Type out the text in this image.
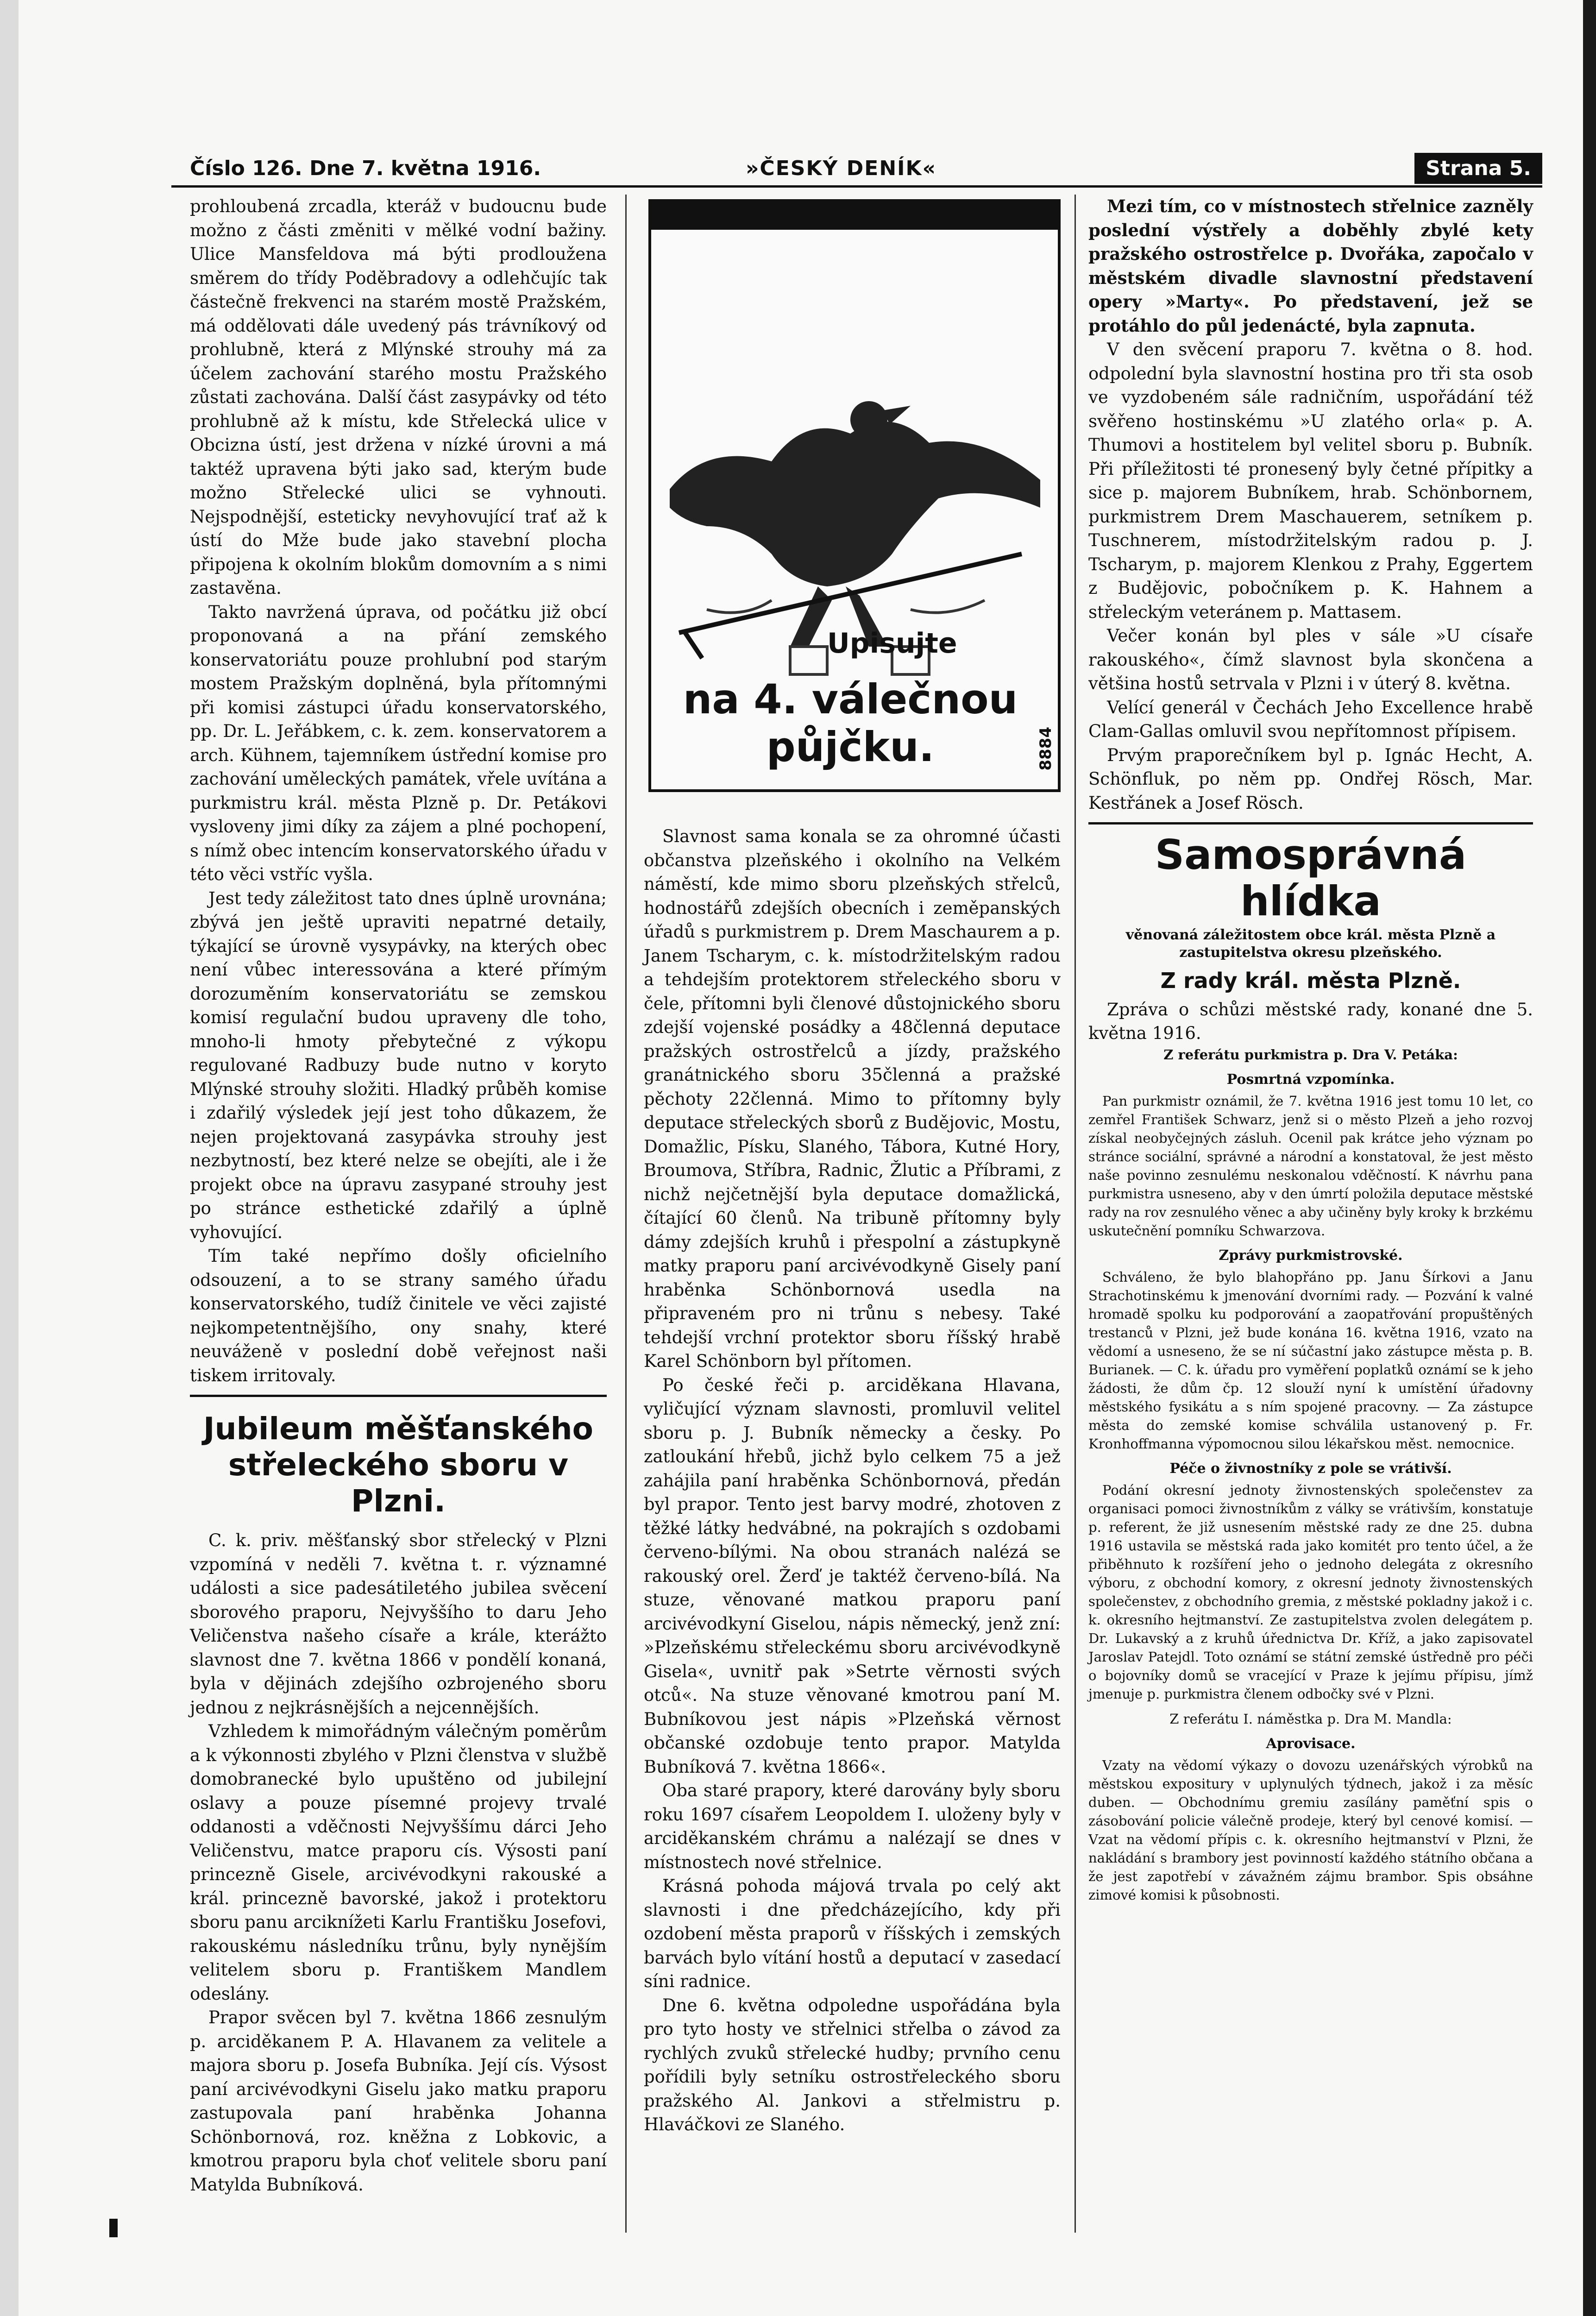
Číslo 126. Dne 7. května 1916.	»ČESKÝ DENÍK«	Strana 5.

prohloubená zrcadla, kteráž v budoucnu bude možno z části změniti v mělké vodní bažiny. Ulice Mansfeldova má býti prodloužena směrem do třídy Poděbradovy a odlehčujíc tak částečně frekvenci na starém mostě Pražském, má oddělovati dále uvedený pás trávníkový od prohlubně, která z Mlýnské strouhy má za účelem zachování starého mostu Pražského zůstati zachována. Další část zasypávky od této prohlubně až k místu, kde Střelecká ulice v Obcizna ústí, jest držena v nízké úrovni a má taktéž upravena býti jako sad, kterým bude možno Střelecké ulici se vyhnouti. Nejspodnější, esteticky nevyhovující trať až k ústí do Mže bude jako stavební plocha připojena k okolním blokům domovním a s nimi zastavěna.

Takto navržená úprava, od počátku již obcí proponovaná a na přání zemského konservatoriátu pouze prohlubní pod starým mostem Pražským doplněná, byla přítomnými při komisi zástupci úřadu konservatorského, pp. Dr. L. Jeřábkem, c. k. zem. konservatorem a arch. Kühnem, tajemníkem ústřední komise pro zachování uměleckých památek, vřele uvítána a purkmistru král. města Plzně p. Dr. Petákovi vysloveny jimi díky za zájem a plné pochopení, s nímž obec intencím konservatorského úřadu v této věci vstříc vyšla.

Jest tedy záležitost tato dnes úplně urovnána; zbývá jen ještě upraviti nepatrné detaily, týkající se úrovně vysypávky, na kterých obec není vůbec interessována a které přímým dorozuměním konservatoriátu se zemskou komisí regulační budou upraveny dle toho, mnoho-li hmoty přebytečné z výkopu regulované Radbuzy bude nutno v koryto Mlýnské strouhy složiti. Hladký průběh komise i zdařilý výsledek její jest toho důkazem, že nejen projektovaná zasypávka strouhy jest nezbytností, bez které nelze se obejíti, ale i že projekt obce na úpravu zasypané strouhy jest po stránce esthetické zdařilý a úplně vyhovující.

Tím také nepřímo došly oficielního odsouzení, a to se strany samého úřadu konservatorského, tudíž činitele ve věci zajisté nejkompetentnějšího, ony snahy, které neuváženě v poslední době veřejnost naši tiskem irritovaly.

Jubileum měšťanského střeleckého sboru v Plzni.

C. k. priv. měšťanský sbor střelecký v Plzni vzpomíná v neděli 7. května t. r. významné události a sice padesátiletého jubilea svěcení sborového praporu, Nejvyššího to daru Jeho Veličenstva našeho císaře a krále, kterážto slavnost dne 7. května 1866 v pondělí konaná, byla v dějinách zdejšího ozbrojeného sboru jednou z nejkrásnějších a nejcennějších.

Vzhledem k mimořádným válečným poměrům a k výkonnosti zbylého v Plzni členstva v službě domobranecké bylo upuštěno od jubilejní oslavy a pouze písemné projevy trvalé oddanosti a vděčnosti Nejvyššímu dárci Jeho Veličenstvu, matce praporu cís. Výsosti paní princezně Gisele, arcivévodkyni rakouské a král. princezně bavorské, jakož i protektoru sboru panu arciknížeti Karlu Františku Josefovi, rakouskému následníku trůnu, byly nynějším velitelem sboru p. Františkem Mandlem odeslány.

Prapor svěcen byl 7. května 1866 zesnulým p. arciděkanem P. A. Hlavanem za velitele a majora sboru p. Josefa Bubníka. Její cís. Výsost paní arcivévodkyni Giselu jako matku praporu zastupovala paní hraběnka Johanna Schönbornová, roz. kněžna z Lobkovic, a kmotrou praporu byla choť velitele sboru paní Matylda Bubníková.

Upisujte
na 4. válečnou půjčku.	8884

Slavnost sama konala se za ohromné účasti občanstva plzeňského i okolního na Velkém náměstí, kde mimo sboru plzeňských střelců, hodnostářů zdejších obecních i zeměpanských úřadů s purkmistrem p. Drem Maschaurem a p. Janem Tscharym, c. k. místodržitelským radou a tehdejším protektorem střeleckého sboru v čele, přítomni byli členové důstojnického sboru zdejší vojenské posádky a 48členná deputace pražských ostrostřelců a jízdy, pražského granátnického sboru 35členná a pražské pěchoty 22členná. Mimo to přítomny byly deputace střeleckých sborů z Budějovic, Mostu, Domažlic, Písku, Slaného, Tábora, Kutné Hory, Broumova, Stříbra, Radnic, Žlutic a Příbrami, z nichž nejčetnější byla deputace domažlická, čítající 60 členů. Na tribuně přítomny byly dámy zdejších kruhů i přespolní a zástupkyně matky praporu paní arcivévodkyně Gisely paní hraběnka Schönbornová usedla na připraveném pro ni trůnu s nebesy. Také tehdejší vrchní protektor sboru říšský hrabě Karel Schönborn byl přítomen.

Po české řeči p. arciděkana Hlavana, vyličující význam slavnosti, promluvil velitel sboru p. J. Bubník německy a česky. Po zatloukání hřebů, jichž bylo celkem 75 a jež zahájila paní hraběnka Schönbornová, předán byl prapor. Tento jest barvy modré, zhotoven z těžké látky hedvábné, na pokrajích s ozdobami červeno-bílými. Na obou stranách nalézá se rakouský orel. Žerď je taktéž červeno-bílá. Na stuze, věnované matkou praporu paní arcivévodkyní Giselou, nápis německý, jenž zní: »Plzeňskému střeleckému sboru arcivévodkyně Gisela«, uvnitř pak »Setrte věrnosti svých otců«. Na stuze věnované kmotrou paní M. Bubníkovou jest nápis »Plzeňská věrnost občanské ozdobuje tento prapor. Matylda Bubníková 7. května 1866«.

Oba staré prapory, které darovány byly sboru roku 1697 císařem Leopoldem I. uloženy byly v arciděkanském chrámu a nalézají se dnes v místnostech nové střelnice.

Krásná pohoda májová trvala po celý akt slavnosti i dne předcházejícího, kdy při ozdobení města praporů v říšských i zemských barvách bylo vítání hostů a deputací v zasedací síni radnice.

Dne 6. května odpoledne uspořádána byla pro tyto hosty ve střelnici střelba o závod za rychlých zvuků střelecké hudby; prvního cenu pořídili byly setníku ostrostřeleckého sboru pražského Al. Jankovi a střelmistru p. Hlaváčkovi ze Slaného.

Mezi tím, co v místnostech střelnice zazněly poslední výstřely a doběhly zbylé kety pražského ostrostřelce p. Dvořáka, započalo v městském divadle slavnostní představení opery »Marty«. Po představení, jež se protáhlo do půl jedenácté, byla zapnuta.

V den svěcení praporu 7. května o 8. hod. odpolední byla slavnostní hostina pro tři sta osob ve vyzdobeném sále radničním, uspořádání též svěřeno hostinskému »U zlatého orla« p. A. Thumovi a hostitelem byl velitel sboru p. Bubník. Při příležitosti té pronesený byly četné přípitky a sice p. majorem Bubníkem, hrab. Schönbornem, purkmistrem Drem Maschauerem, setníkem p. Tuschnerem, místodržitelským radou p. J. Tscharym, p. majorem Klenkou z Prahy, Eggertem z Budějovic, pobočníkem p. K. Hahnem a střeleckým veteránem p. Mattasem.

Večer konán byl ples v sále »U císaře rakouského«, čímž slavnost byla skončena a většina hostů setrvala v Plzni i v úterý 8. května.

Velící generál v Čechách Jeho Excellence hrabě Clam-Gallas omluvil svou nepřítomnost přípisem.

Prvým praporečníkem byl p. Ignác Hecht, A. Schönfluk, po něm pp. Ondřej Rösch, Mar. Kestřánek a Josef Rösch.

Samosprávná hlídka
věnovaná záležitostem obce král. města Plzně a zastupitelstva okresu plzeňského.
Z rady král. města Plzně.

Zpráva o schůzi městské rady, konané dne 5. května 1916.

Z referátu purkmistra p. Dra V. Petáka:

Posmrtná vzpomínka.

Pan purkmistr oznámil, že 7. května 1916 jest tomu 10 let, co zemřel František Schwarz, jenž si o město Plzeň a jeho rozvoj získal neobyčejných zásluh. Ocenil pak krátce jeho význam po stránce sociální, správné a národní a konstatoval, že jest město naše povinno zesnulému neskonalou vděčností. K návrhu pana purkmistra usneseno, aby v den úmrtí položila deputace městské rady na rov zesnulého věnec a aby učiněny byly kroky k brzkému uskutečnění pomníku Schwarzova.

Zprávy purkmistrovské.

Schváleno, že bylo blahopřáno pp. Janu Šírkovi a Janu Strachotinskému k jmenování dvorními rady. — Pozvání k valné hromadě spolku ku podporování a zaopatřování propuštěných trestanců v Plzni, jež bude konána 16. května 1916, vzato na vědomí a usneseno, že se ní súčastní jako zástupce města p. B. Burianek. — C. k. úřadu pro vyměření poplatků oznámí se k jeho žádosti, že dům čp. 12 slouží nyní k umístění úřadovny městského fysikátu a s ním spojené pracovny. — Za zástupce města do zemské komise schválila ustanovený p. Fr. Kronhoffmanna výpomocnou silou lékařskou měst. nemocnice.

Péče o živnostníky z pole se vrátivší.

Podání okresní jednoty živnostenských společenstev za organisaci pomoci živnostníkům z války se vrátivším, konstatuje p. referent, že již usnesením městské rady ze dne 25. dubna 1916 ustavila se městská rada jako komitét pro tento účel, a že přiběhnuto k rozšíření jeho o jednoho delegáta z okresního výboru, z obchodní komory, z okresní jednoty živnostenských společenstev, z obchodního gremia, z městské pokladny jakož i c. k. okresního hejtmanství. Ze zastupitelstva zvolen delegátem p. Dr. Lukavský a z kruhů úřednictva Dr. Kříž, a jako zapisovatel Jaroslav Patejdl. Toto oznámí se státní zemské ústředně pro péči o bojovníky domů se vracející v Praze k jejímu přípisu, jímž jmenuje p. purkmistra členem odbočky své v Plzni.

Z referátu I. náměstka p. Dra M. Mandla:

Aprovisace.

Vzaty na vědomí výkazy o dovozu uzenářských výrobků na městskou expositury v uplynulých týdnech, jakož i za měsíc duben. — Obchodnímu gremiu zasílány paměťní spis o zásobování policie válečně prodeje, který byl cenové komisí. — Vzat na vědomí přípis c. k. okresního hejtmanství v Plzni, že nakládání s brambory jest povinností každého státního občana a že jest zapotřebí v závažném zájmu brambor. Spis obsáhne zimové komisi k působnosti.
